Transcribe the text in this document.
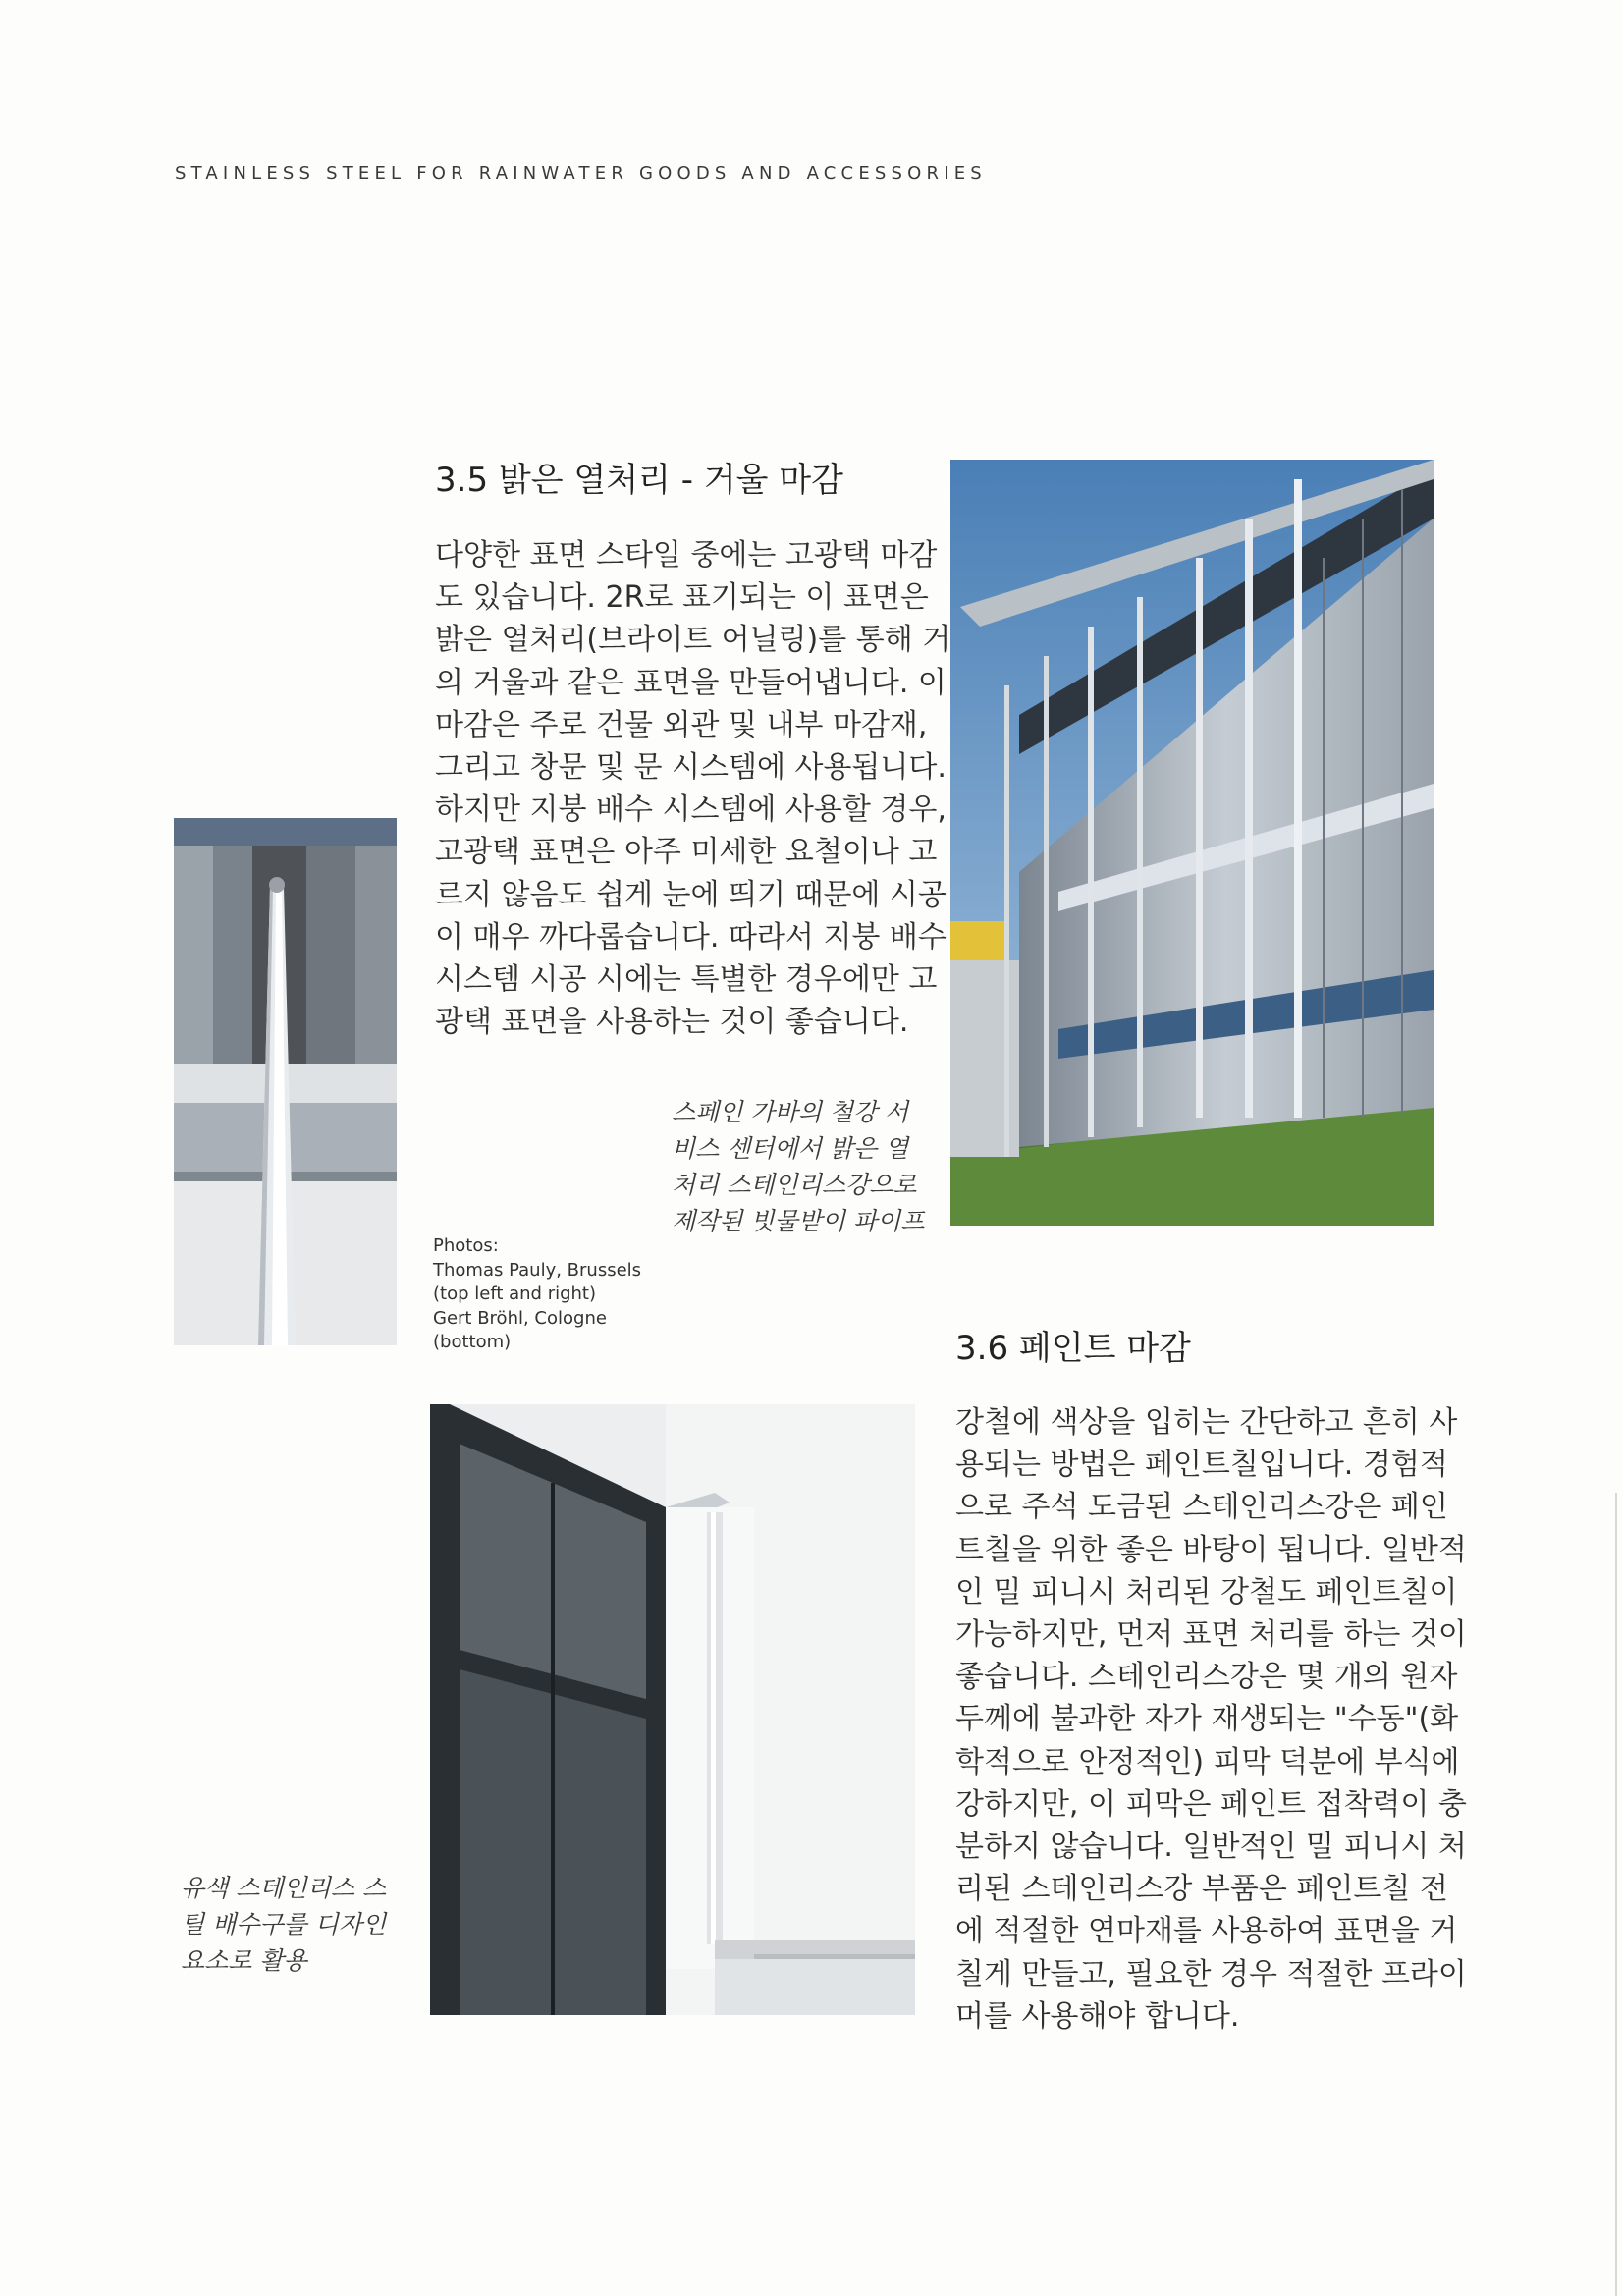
STAINLESS STEEL FOR RAINWATER GOODS AND ACCESSORIES
3.5 밝은 열처리 - 거울 마감

다양한 표면 스타일 중에는 고광택 마감
도 있습니다. 2R로 표기되는 이 표면은
밝은 열처리(브라이트 어닐링)를 통해 거
의 거울과 같은 표면을 만들어냅니다. 이
마감은 주로 건물 외관 및 내부 마감재,
그리고 창문 및 문 시스템에 사용됩니다.
하지만 지붕 배수 시스템에 사용할 경우,
고광택 표면은 아주 미세한 요철이나 고
르지 않음도 쉽게 눈에 띄기 때문에 시공
이 매우 까다롭습니다. 따라서 지붕 배수
시스템 시공 시에는 특별한 경우에만 고
광택 표면을 사용하는 것이 좋습니다.

스페인 가바의 철강 서
비스 센터에서 밝은 열
처리 스테인리스강으로
제작된 빗물받이 파이프

Photos:
Thomas Pauly, Brussels
(top left and right)
Gert Bröhl, Cologne
(bottom)	3.6 페인트 마감

강철에 색상을 입히는 간단하고 흔히 사
용되는 방법은 페인트칠입니다. 경험적
으로 주석 도금된 스테인리스강은 페인
트칠을 위한 좋은 바탕이 됩니다. 일반적
인 밀 피니시 처리된 강철도 페인트칠이
가능하지만, 먼저 표면 처리를 하는 것이
좋습니다. 스테인리스강은 몇 개의 원자
두께에 불과한 자가 재생되는 "수동"(화
학적으로 안정적인) 피막 덕분에 부식에
강하지만, 이 피막은 페인트 접착력이 충
분하지 않습니다. 일반적인 밀 피니시 처
리된 스테인리스강 부품은 페인트칠 전
에 적절한 연마재를 사용하여 표면을 거
칠게 만들고, 필요한 경우 적절한 프라이
머를 사용해야 합니다.

유색 스테인리스 스
틸 배수구를 디자인
요소로 활용
